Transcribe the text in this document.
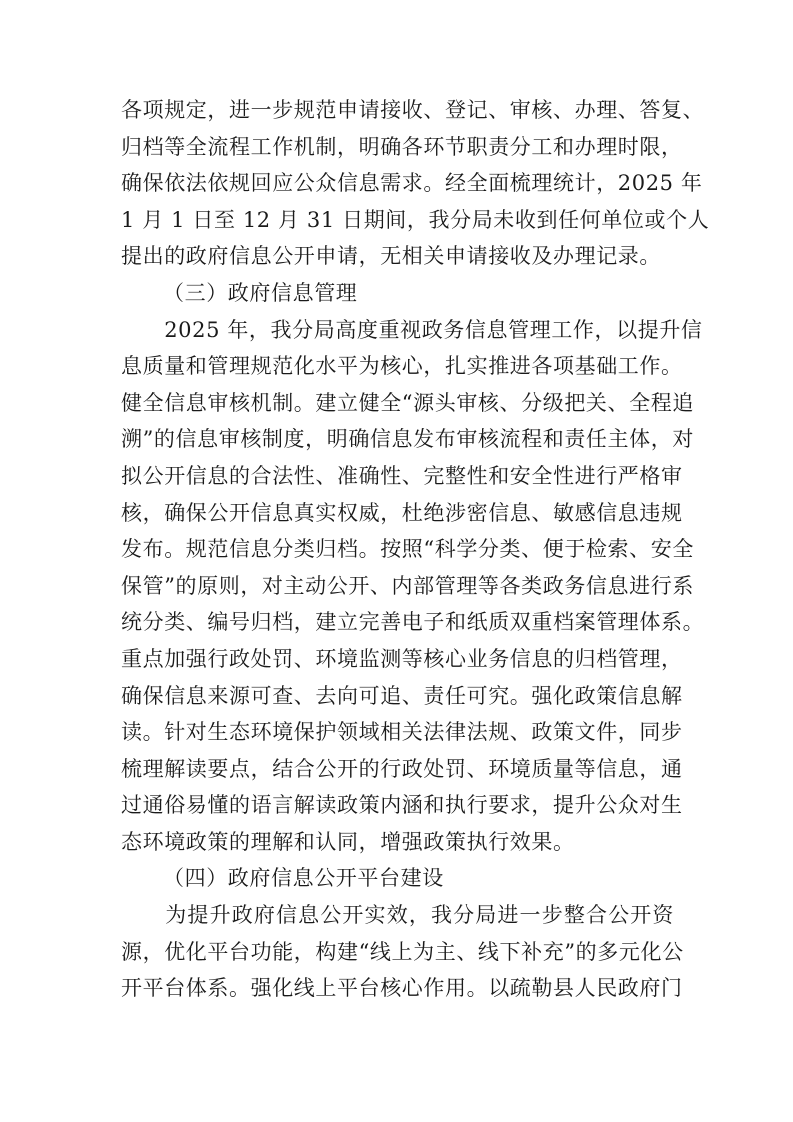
各项规定，进一步规范申请接收、登记、审核、办理、答复、
归档等全流程工作机制，明确各环节职责分工和办理时限，
确保依法依规回应公众信息需求。经全面梳理统计，2025 年
1 月 1 日至 12 月 31 日期间，我分局未收到任何单位或个人
提出的政府信息公开申请，无相关申请接收及办理记录。
（三）政府信息管理
　　2025 年，我分局高度重视政务信息管理工作，以提升信
息质量和管理规范化水平为核心，扎实推进各项基础工作。
健全信息审核机制。建立健全“源头审核、分级把关、全程追
溯”的信息审核制度，明确信息发布审核流程和责任主体，对
拟公开信息的合法性、准确性、完整性和安全性进行严格审
核，确保公开信息真实权威，杜绝涉密信息、敏感信息违规
发布。规范信息分类归档。按照“科学分类、便于检索、安全
保管”的原则，对主动公开、内部管理等各类政务信息进行系
统分类、编号归档，建立完善电子和纸质双重档案管理体系。
重点加强行政处罚、环境监测等核心业务信息的归档管理，
确保信息来源可查、去向可追、责任可究。强化政策信息解
读。针对生态环境保护领域相关法律法规、政策文件，同步
梳理解读要点，结合公开的行政处罚、环境质量等信息，通
过通俗易懂的语言解读政策内涵和执行要求，提升公众对生
态环境政策的理解和认同，增强政策执行效果。
（四）政府信息公开平台建设
　　为提升政府信息公开实效，我分局进一步整合公开资
源，优化平台功能，构建“线上为主、线下补充”的多元化公
开平台体系。强化线上平台核心作用。以疏勒县人民政府门
